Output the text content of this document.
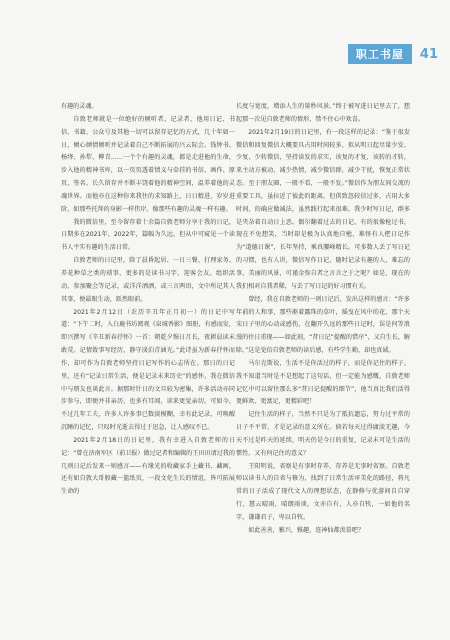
职工书屋	41

有趣的灵魂。

自敦老师就是一位绝好的倾听者、记录者，他用日记、书信、书籍、公众号及其他一切可以留存记忆的方式，几十年如一日，倾心倾情倾听并记录着自己不断拓展的兴云际会。钱钟书、杨绛、孙犁、柳青……一个个有趣的灵魂，都是走进他的生命，步入他的精神书库，以一页页透着情义与牵挂的书信、画作、原页、签名、长久留存并不断丰饶着他的精神空间，温养着他的灵魂世界。而他亦在这种你来我往的求知路上，日日精进，岁岁进阶，如那些托拜的身影一样伟岸，像那些有趣的灵魂一样有趣。

我的微信里，至今留存着十余篇自敦老师分享于我的日记，日期多在2021年、2022年，篇幅为久远，但从中可窥见一个读书人平实有趣的生活日常。

自敦老师的日记里，除了晨昏起居、一日三餐、打理家务、养花种草之类的琐事，更多的是读书习字、迎客会友、组织活动、参加聚会等记录，或洋洋洒洒，或三言两语，文中所记其人其事，便最眼生动，跃然眼前。

2021年2月12日（农历辛丑年正月初一）的日记中写道：“下午二时，入白鹿书坊阅观《泉城香影》图册，有感而发，即兴撰写《辛丑新春抒怀》一首：朝乾夕惕日月长，夜耕晨读未敢荒。记情敛事写经历，静守淡泊青涵光。”此诗虽为新春抒怀而作，却可作为自敦老师坚持日记写作的心志所在。那日的日记里，还有“记录日常生活，便是记录未来历史”的感怀，我在微信中与朋友也谈此言。据那时针日的文旦较为密集，许多活动亦同步参与，即便并非亲历，也多有耳闻，读来更觉亲切。可如今，不过几年工夫，许多人许多事已数淡模糊，幸有此记录，可唤醒沉睡的记忆，只叹时光逝去得过于迅急，让人感叹不已。

2021年2月18日的日记里，我有幸进入自敦老师的日记：“曾在济南军区（前卫报）做过记者和编辑的王田田请过我的几则日记后发来一则感言——有缘光的收藏家手上藏书、藏画，还有如自敦大哥般藏一篮纸页，一段文化生长的情谊，皆可拓展生命的

长度与宽度，增添人生的量秒风景。”终于被写进日记里去了，想起那一次见自敦老师的情形，禁不住心中欢喜。

2021年2月19日的日记里，有一段这样的记录：“鉴于很发微信和回复微信大概要具占用时间较多，拟从明日起尽量少发、少复、少转微信，坚持读发的求实，该复的才复，该转的才转，来主动方被动，减少热情，减少微信群，减少干扰，恢复正常状态。至于朋友圈，一般不看，一般不发。”微信作为朋友间交流的重要工具，虽拉近了彼此的距离，但供致忽较信过多，占用大多时间，的确应做减法，虽然践行起来很难。我少时写日记，群多是夹杂着自动日上恶。偶尔翻着过去的日记，有的很像枪过书，现在不免想笑，当时却是极为认真地自勉，难怪有人把日记作为“道德日课”，长年坚持，乘真腰峰精长。可多数人丢了写日记的习惯，也有人讲，微信写作日记，随时记录有趣的人，难忘的事，美丽的风景，可谨金弥自者之言言之于之呢？如是，现在的我们相对自我者稀，与丢了写日记的好习惯有关。

曾经，我在自敦老师的一则日记后，发出这样的感言：“许多年前的人和事，那些渐着露珠的草叶，摇曳在风中的花，那个天宋日子里的心动或感伤，在翻开久远的那些日记时，误是何等浪漫的往日重现——如此刻，“昔日记”提醒的惜序”，又自生长，解除。”这是觉倍自敦老师的读后感，有些学生勤，却也真诚。

马尔克斯说，生活不是你活过的样子，而是你记住的样子。我不知道当时是不是想起了这句话，但一定能为感慨，自敦老师记忆中可以留住那么多“昔日记提醒的细节”，他当真比我们活得更鲜欢、更富足，更精彩吧！

记住生活的样子，当然不只是为了抵抗遗忘，努力过平常的日子不平常，才是记录的意义所在。倘若每天过得庸淡无趣，今天不过是昨天的延续，明天仍是今日的重复，记录未可是生活的惯性，又有何记住的意义？

王阳明说，省察是有事时存养，存养是无事时省察。自敦老师以读书人的自省与修为，找到了日常生活审美化的路径，将凡常的日子活成了现代文人的理想状态，在静修与优游间自自穿行，慧云晴雨，晴朗雨谈，文亦自有，人亦自牧，一如他的名字，谦谦君子，卑以自牧。

如此善善，雅兴，雅趣，连神仙都羡慕吧？
